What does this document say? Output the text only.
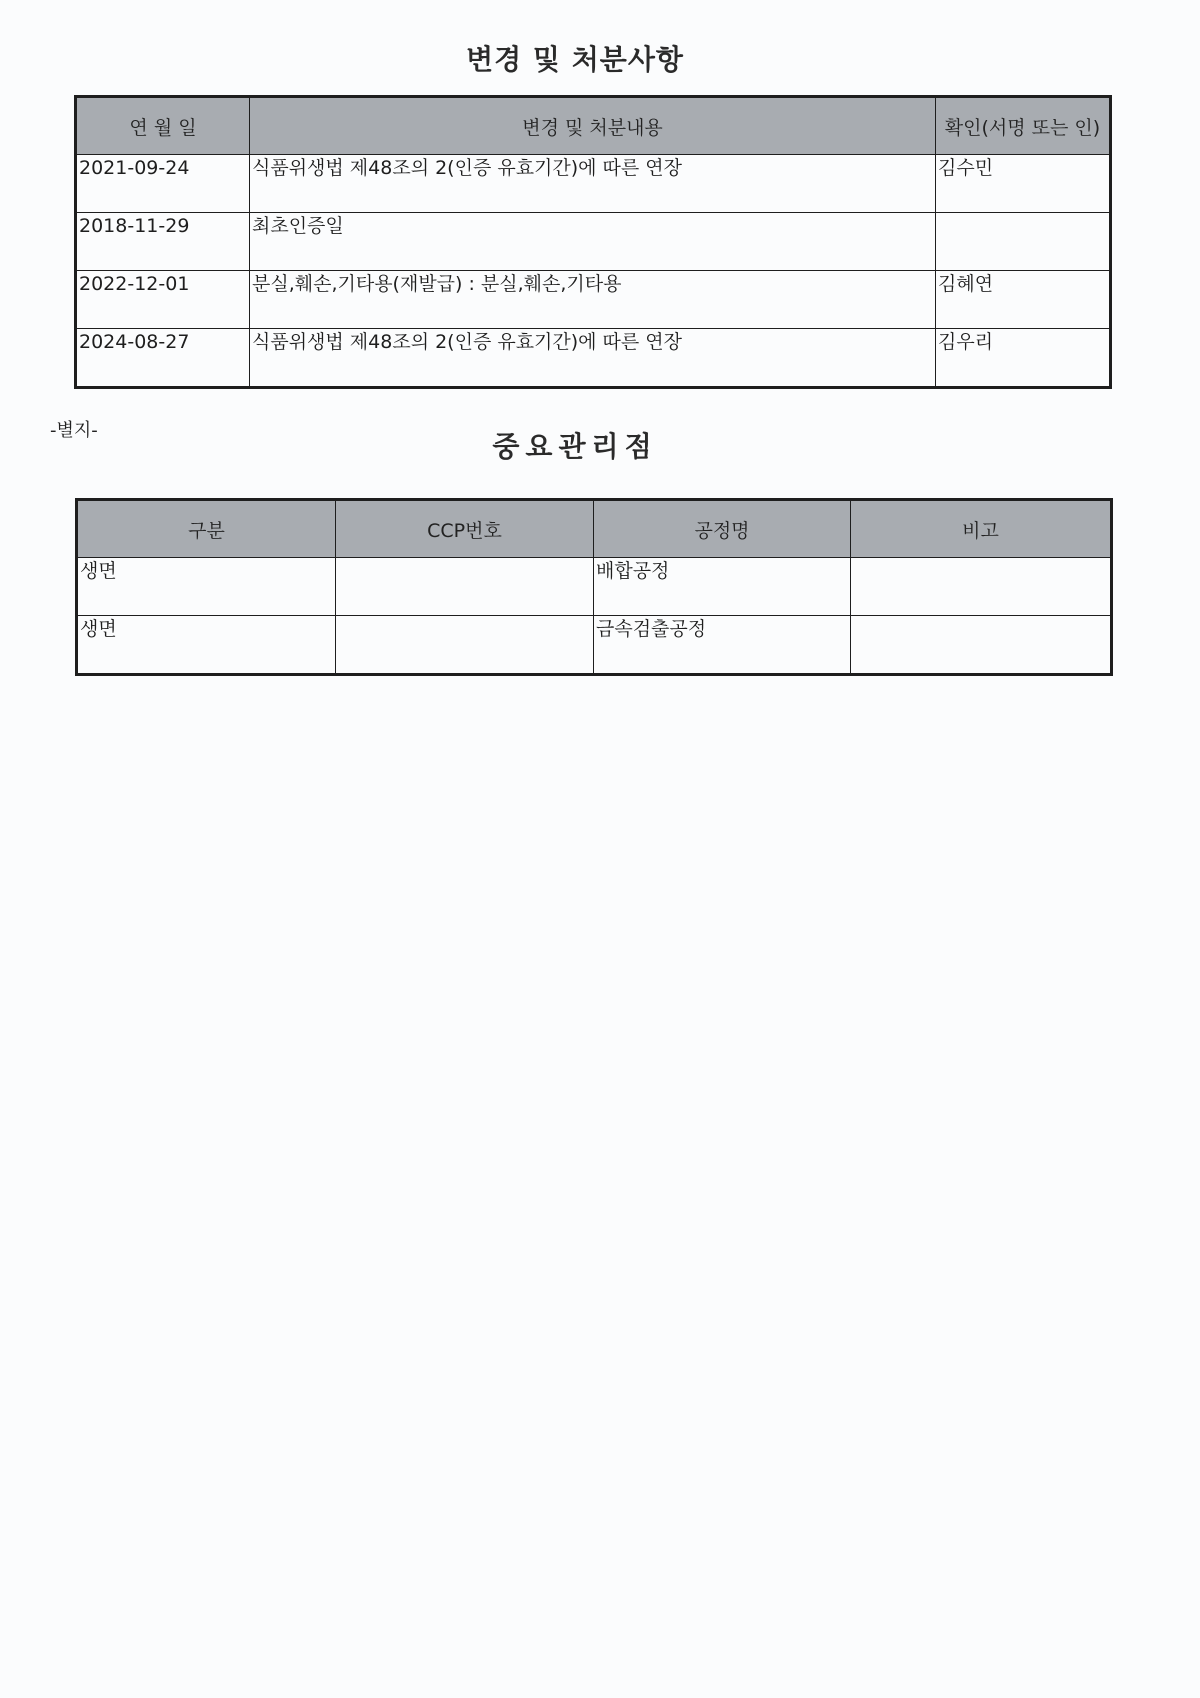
변경 및 처분사항
연 월 일	변경 및 처분내용	확인(서명 또는 인)
2021-09-24	식품위생법 제48조의 2(인증 유효기간)에 따른 연장	김수민
2018-11-29	최초인증일	
2022-12-01	분실,훼손,기타용(재발급) : 분실,훼손,기타용	김혜연
2024-08-27	식품위생법 제48조의 2(인증 유효기간)에 따른 연장	김우리
-별지-	중요관리점
구분	CCP번호	공정명	비고
생면		배합공정	
생면		금속검출공정	
